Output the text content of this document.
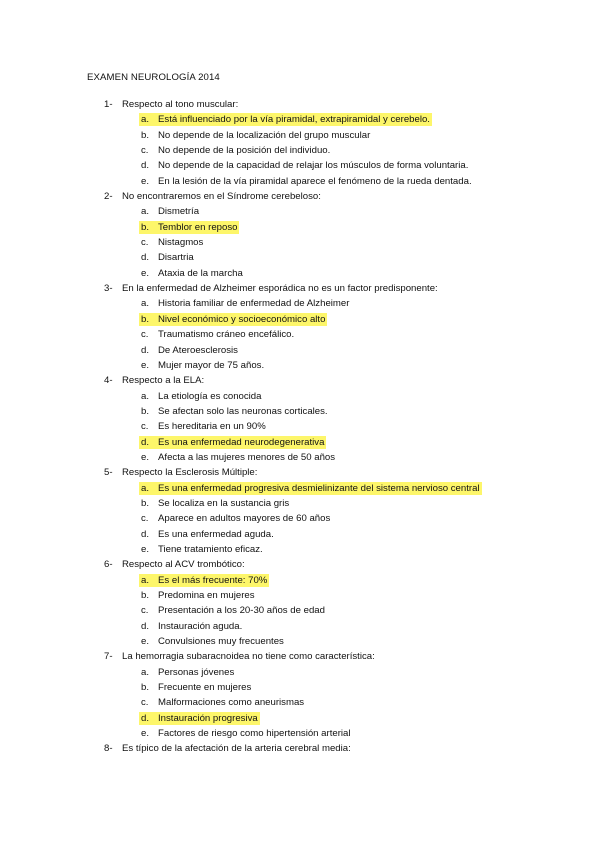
EXAMEN NEUROLOGÍA 2014
1- Respecto al tono muscular:
a. Está influenciado por la vía piramidal, extrapiramidal y cerebelo.
b. No depende de la localización del grupo muscular
c. No depende de la posición del individuo.
d. No depende de la capacidad de relajar los músculos de forma voluntaria.
e. En la lesión de la vía piramidal aparece el fenómeno de la rueda dentada.
2- No encontraremos en el Síndrome cerebeloso:
a. Dismetría
b. Temblor en reposo
c. Nistagmos
d. Disartria
e. Ataxia de la marcha
3- En la enfermedad de Alzheimer esporádica no es un factor predisponente:
a. Historia familiar de enfermedad de Alzheimer
b. Nivel económico y socioeconómico alto
c. Traumatismo cráneo encefálico.
d. De Ateroesclerosis
e. Mujer mayor de 75 años.
4- Respecto a la ELA:
a. La etiología es conocida
b. Se afectan solo las neuronas corticales.
c. Es hereditaria en un 90%
d. Es una enfermedad neurodegenerativa
e. Afecta a las mujeres menores de 50 años
5- Respecto la Esclerosis Múltiple:
a. Es una enfermedad progresiva desmielinizante del sistema nervioso central
b. Se localiza en la sustancia gris
c. Aparece en adultos mayores de 60 años
d. Es una enfermedad aguda.
e. Tiene tratamiento eficaz.
6- Respecto al ACV trombótico:
a. Es el más frecuente: 70%
b. Predomina en mujeres
c. Presentación a los 20-30 años de edad
d. Instauración aguda.
e. Convulsiones muy frecuentes
7- La hemorragia subaracnoidea no tiene como característica:
a. Personas jóvenes
b. Frecuente en mujeres
c. Malformaciones como aneurismas
d. Instauración progresiva
e. Factores de riesgo como hipertensión arterial
8- Es típico de la afectación de la arteria cerebral media:
